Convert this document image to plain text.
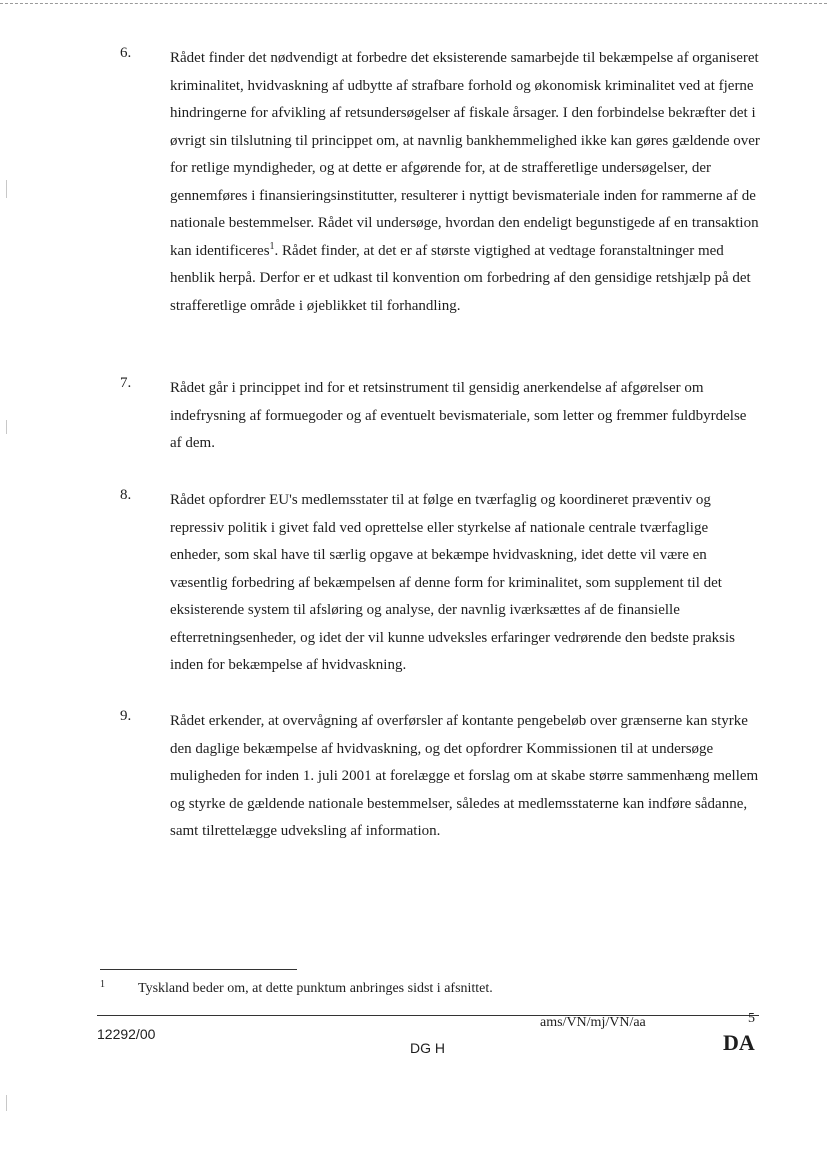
6.	Rådet finder det nødvendigt at forbedre det eksisterende samarbejde til bekæmpelse af organiseret kriminalitet, hvidvaskning af udbytte af strafbare forhold og økonomisk kriminalitet ved at fjerne hindringerne for afvikling af retsundersøgelser af fiskale årsager. I den forbindelse bekræfter det i øvrigt sin tilslutning til princippet om, at navnlig bankhemmelighed ikke kan gøres gældende over for retlige myndigheder, og at dette er afgørende for, at de strafferetlige undersøgelser, der gennemføres i finansieringsinstitutter, resulterer i nyttigt bevismateriale inden for rammerne af de nationale bestemmelser. Rådet vil undersøge, hvordan den endeligt begunstigede af en transaktion kan identificeres$^1$. Rådet finder, at det er af største vigtighed at vedtage foranstaltninger med henblik herpå. Derfor er et udkast til konvention om forbedring af den gensidige retshjælp på det strafferetlige område i øjeblikket til forhandling.
7.	Rådet går i princippet ind for et retsinstrument til gensidig anerkendelse af afgørelser om indefrysning af formuegoder og af eventuelt bevismateriale, som letter og fremmer fuldbyrdelse af dem.
8.	Rådet opfordrer EU's medlemsstater til at følge en tværfaglig og koordineret præventiv og repressiv politik i givet fald ved oprettelse eller styrkelse af nationale centrale tværfaglige enheder, som skal have til særlig opgave at bekæmpe hvidvaskning, idet dette vil være en væsentlig forbedring af bekæmpelsen af denne form for kriminalitet, som supplement til det eksisterende system til afsløring og analyse, der navnlig iværksættes af de finansielle efterretningsenheder, og idet der vil kunne udveksles erfaringer vedrørende den bedste praksis inden for bekæmpelse af hvidvaskning.
9.	Rådet erkender, at overvågning af overførsler af kontante pengebeløb over grænserne kan styrke den daglige bekæmpelse af hvidvaskning, og det opfordrer Kommissionen til at undersøge muligheden for inden 1. juli 2001 at forelægge et forslag om at skabe større sammenhæng mellem og styrke de gældende nationale bestemmelser, således at medlemsstaterne kan indføre sådanne, samt tilrettelægge udveksling af information.
1 Tyskland beder om, at dette punktum anbringes sidst i afsnittet.
12292/00
DG H
ams/VN/mj/VN/aa	5
DA
